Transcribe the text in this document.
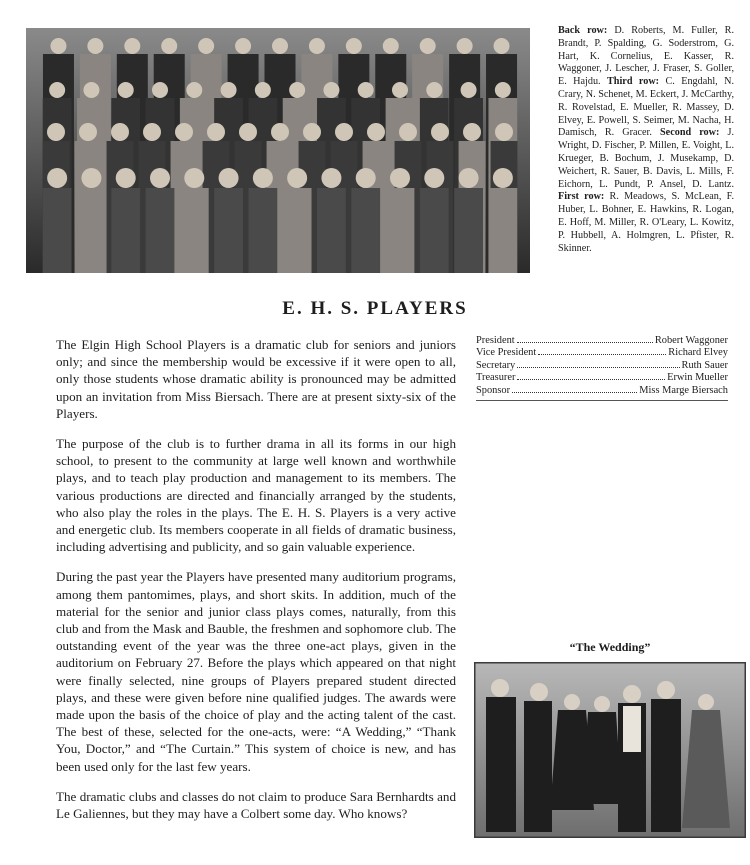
Back row: D. Roberts, M. Fuller, R. Brandt, P. Spalding, G. Soderstrom, G. Hart, K. Cornelius, E. Kasser, R. Waggoner, J. Lescher, J. Fraser, S. Goller, E. Hajdu. Third row: C. Engdahl, N. Crary, N. Schenet, M. Eckert, J. McCarthy, R. Rovelstad, E. Mueller, R. Massey, D. Elvey, E. Powell, S. Seimer, M. Nacha, H. Damisch, R. Gracer. Second row: J. Wright, D. Fischer, P. Millen, E. Voight, L. Krueger, B. Bochum, J. Musekamp, D. Weichert, R. Sauer, B. Davis, L. Mills, F. Eichorn, L. Pundt, P. Ansel, D. Lantz. First row: R. Meadows, S. McLean, F. Huber, L. Bohner, E. Hawkins, R. Logan, E. Hoff, M. Miller, R. O'Leary, L. Kowitz, P. Hubbell, A. Holmgren, L. Pfister, R. Skinner.
E. H. S. PLAYERS

The Elgin High School Players is a dramatic club for seniors and juniors only; and since the membership would be excessive if it were open to all, only those students whose dramatic ability is pronounced may be admitted upon an invitation from Miss Biersach. There are at present sixty-six of the Players.

The purpose of the club is to further drama in all its forms in our high school, to present to the community at large well known and worthwhile plays, and to teach play production and management to its members. The various productions are directed and financially arranged by the students, who also play the roles in the plays. The E. H. S. Players is a very active and energetic club. Its members cooperate in all fields of dramatic business, including advertising and publicity, and so gain valuable experience.

During the past year the Players have presented many auditorium programs, among them pantomimes, plays, and short skits. In addition, much of the material for the senior and junior class plays comes, naturally, from this club and from the Mask and Bauble, the freshmen and sophomore club. The outstanding event of the year was the three one-act plays, given in the auditorium on February 27. Before the plays which appeared on that night were finally selected, nine groups of Players prepared student directed plays, and these were given before nine qualified judges. The awards were made upon the basis of the choice of play and the acting talent of the cast. The best of these, selected for the one-acts, were: “A Wedding,” “Thank You, Doctor,” and “The Curtain.” This system of choice is new, and has been used only for the last few years.

The dramatic clubs and classes do not claim to produce Sara Bernhardts and Le Galiennes, but they may have a Colbert some day. Who knows?

President	Robert Waggoner
Vice President	Richard Elvey
Secretary	Ruth Sauer
Treasurer	Erwin Mueller
Sponsor	Miss Marge Biersach
“The Wedding”
